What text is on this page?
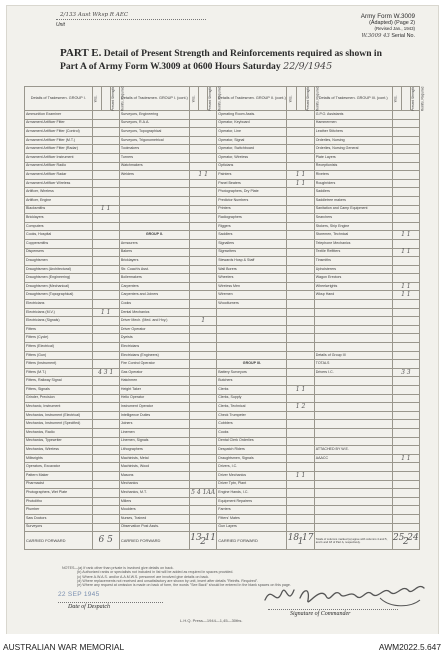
2/133 Aust Wksp R AEC
Unit
Army Form W.3009
(Adapted) (Page 2)
(Revised Jan., 1943)
W.3009 43 Serial No.
PART E. Detail of Present Strength and Reinforcements required as shown in
Part A of Army Form W.3009 at 0600 Hours Saturday 22/9/1945
Details of Tradesmen. GROUP I.	W.E.	Present Strength	Reinfts. Required	Details of Tradesmen. GROUP I. (cont.)	W.E.	Present Strength	Reinfts. Required	Details of Tradesmen. GROUP II. (cont.)	W.E.	Present Strength	Reinfts. Required	Details of Tradesmen. GROUP III. (cont.)	W.E.	Present Strength	Reinfts. Required
Ammunition Examiner				Surveyors, Engineering				Operating Room Assts.				G.P.O. Assistants			
Armament Artificer Fitter				Surveyors, R.A.A.				Operator, Keyboard				Hammermen			
Armament Artificer Fitter (Control)				Surveyors, Topographical				Operator, Line				Leather Stitchers			
Armament Artificer Fitter (M.T.)				Surveyors, Trigonometrical				Operator, Signal				Orderlies, Nursing			
Armament Artificer Fitter (Radar)				Toolmakers				Operator, Switchboard				Orderlies, Nursing General			
Armament Artificer Instrument				Turners				Operator, Wireless				Plate Layers			
Armament Artificer Radio				Watchmakers				Opticians				Receptionists			
Armament Artificer Radar				Welders	1 1			Painters	1 1			Riveters			
Armament Artificer Wireless								Panel Beaters	1 1			Roughriders			
Artificer, Wireless								Photographers, Dry Plate				Saddlers			
Artificer, Engine								Predictor Numbers				Saddletree makers			
Blacksmiths	1 1							Printers				Sanitation and Camp Equipment			
Bricklayers								Radiographers				Searchers			
Computers								Riggers				Stokers, Ship Engine			
Cooks, Hospital				GROUP II.				Saddlers				Storemen, Technical	1 1		
Coppersmiths				Armourers				Signallers				Telephone Mechanics			
Dispensers				Bakers				Signwriters				Textile Refitters	1 1		
Draughtsmen				Bricklayers				Stewards Hosp & Staff				Tinsmiths			
Draughtsmen (Architectural)				Str. Coach's Asst.				Wall Borers				Upholsterers			
Draughtsmen (Engineering)				Boilermakers				Wheelers				Wagon Erectors			
Draughtsmen (Mechanical)				Carpenters				Wireless Men				Wheelwrights	1 1		
Draughtsmen (Topographical)				Carpenters and Joiners				Wiremen				Wksp Hand	1 1		
Electricians				Cooks				Woodturners							
Electricians (M.V.)	1 1			Dental Mechanics											
Electricians (Signals)				Driver Mech. (Med. and Hvy.)	1										
Fitters				Driver Operator											
Fitters (Cycle)				Dyeists											
Fitters (Electrical)				Electricians											
Fitters (Gun)				Electricians (Engineers)								Details of Group III			
Fitters (Instrument)				Fire Control Operator				GROUP III.				TOTALS			
Fitters (M.T.)	4 3 1			Gas Operator				Battery Surveyors				Drivers I.C.	3 3		
Fitters, Railway Signal				Hatchmen				Butchers							
Fitters, Signals				Height Taker				Clerks	1 1						
Grinder, Precision				Helio Operator				Clerks, Supply							
Mechanic, Instrument				Instrument Operator				Clerks, Technical	1 2						
Mechanics, Instrument (Electrical)				Intelligence Duties				Check Trumpeter							
Mechanics, Instrument (Specified)				Joiners				Cobblers							
Mechanics, Radio				Linemen				Cooks							
Mechanics, Typewriter				Linemen, Signals				Dental Clerk Orderlies							
Mechanics, Wireless				Lithographers				Despatch Riders				ATTACHED BY W.E.			
Millwrights				Machinists, Metal				Draughtsmen, Signals				AAACC	1 1		
Operators, Excavator				Machinists, Wood				Drivers, I.C.							
Pattern Maker				Masons				Driver Mechanics	1 1						
Pharmacist				Mechanics				Driver Tptn, Plant							
Photographers, Wet Plate				Mechanics, M.T.	5 4 1AA			Engine Hands, I.C.							
Photolitho				Millers				Equipment Repairers							
Plumber				Moulders				Farriers							
Saw Doctors				Nurses, Trained				Fitters' Mates							
Surveyors				Observation Post Assts.				Gun Layers							
CARRIED FORWARD	6 5			CARRIED FORWARD	13 11 2			CARRIED FORWARD	18 17 1			Totals of columns marked (a) agree with columns 4 and 5, and 1 and 18 of Part A, respectively.	25 24 2		
NOTES—(a) If rank other than private is involved give details on back.
(b) Authorized ranks or specialists not included in list will be added as required in spaces provided.
(c) Where A.W.A.S. and/or A.A.M.W.S. personnel are involved give details on back.
(d) Where replacements not received and unsatisfactory are shown by unit, insert after details "Reinfts. Required".
(e) Where any request at omission is made on back of form, the words "See Back" should be entered in the blank spaces on this page.
22 SEP 1945
Date of Despatch
L.H.Q. Press—1944—1,45—30ths.
Signature of Commander
AUSTRALIAN WAR MEMORIAL	AWM2022.5.647
